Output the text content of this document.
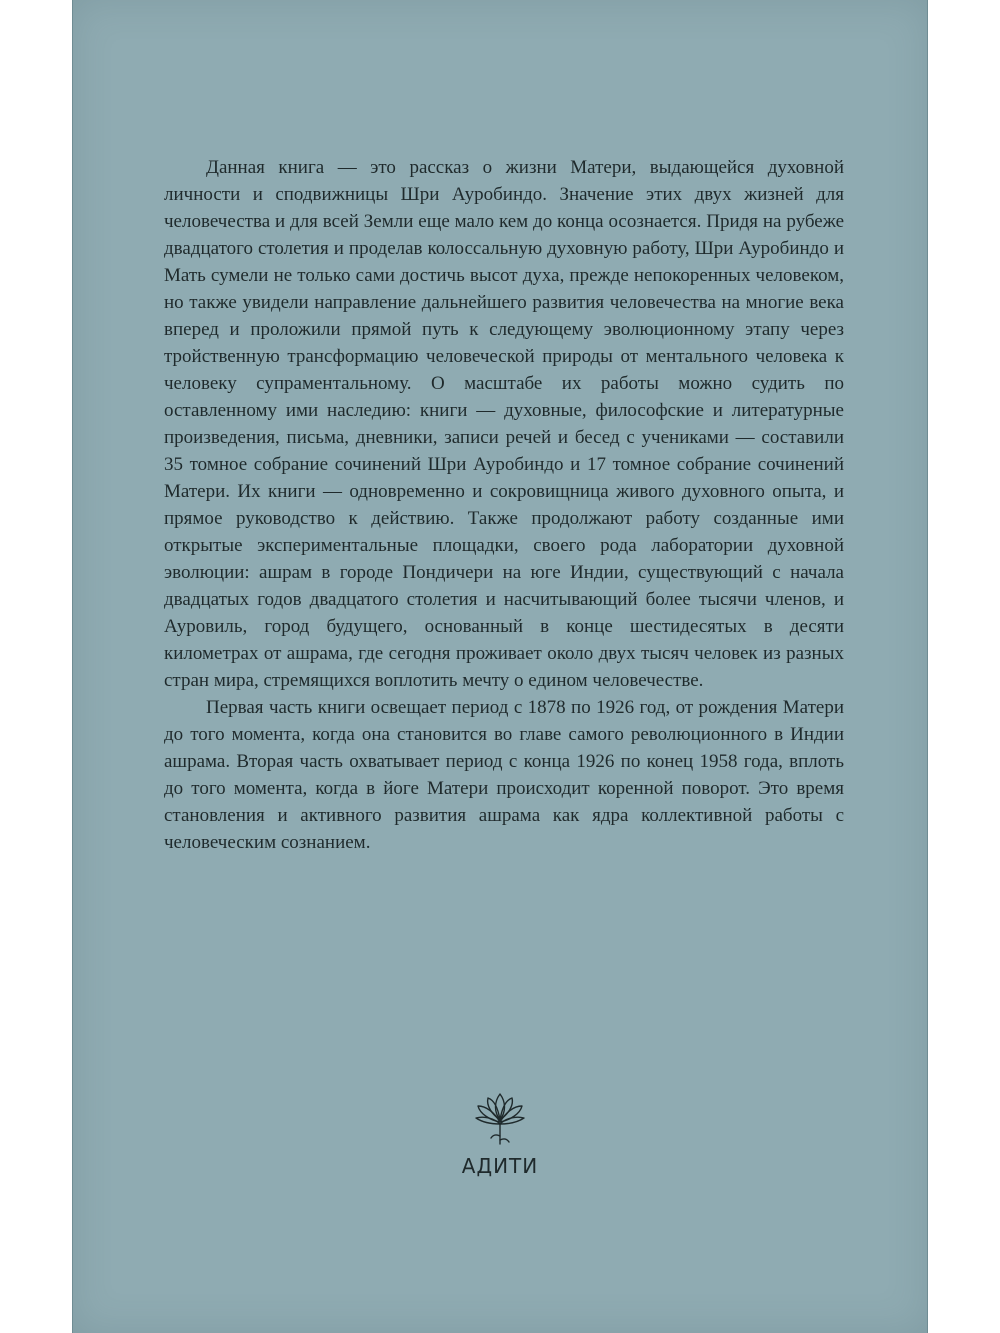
Данная книга — это рассказ о жизни Матери, выдающейся духовной личности и сподвижницы Шри Ауробиндо. Значение этих двух жизней для человечества и для всей Земли еще мало кем до конца осознается. Придя на рубеже двадцатого столетия и проделав колоссальную духовную работу, Шри Ауробиндо и Мать сумели не только сами достичь высот духа, прежде непокоренных человеком, но также увидели направление дальнейшего развития человечества на многие века вперед и проложили прямой путь к следующему эволюционному этапу через тройственную трансформацию человеческой природы от ментального человека к человеку супраментальному. О масштабе их работы можно судить по оставленному ими наследию: книги — духовные, философские и литературные произведения, письма, дневники, записи речей и бесед с учениками — составили 35 томное собрание сочинений Шри Ауробиндо и 17 томное собрание сочинений Матери. Их книги — одновременно и сокровищница живого духовного опыта, и прямое руководство к действию. Также продолжают работу созданные ими открытые экспериментальные площадки, своего рода лаборатории духовной эволюции: ашрам в городе Пондичери на юге Индии, существующий с начала двадцатых годов двадцатого столетия и насчитывающий более тысячи членов, и Ауровиль, город будущего, основанный в конце шестидесятых в десяти километрах от ашрама, где сегодня проживает около двух тысяч человек из разных стран мира, стремящихся воплотить мечту о едином человечестве.

Первая часть книги освещает период с 1878 по 1926 год, от рождения Матери до того момента, когда она становится во главе самого революционного в Индии ашрама. Вторая часть охватывает период с конца 1926 по конец 1958 года, вплоть до того момента, когда в йоге Матери происходит коренной поворот. Это время становления и активного развития ашрама как ядра коллективной работы с человеческим сознанием.

АДИТИ
